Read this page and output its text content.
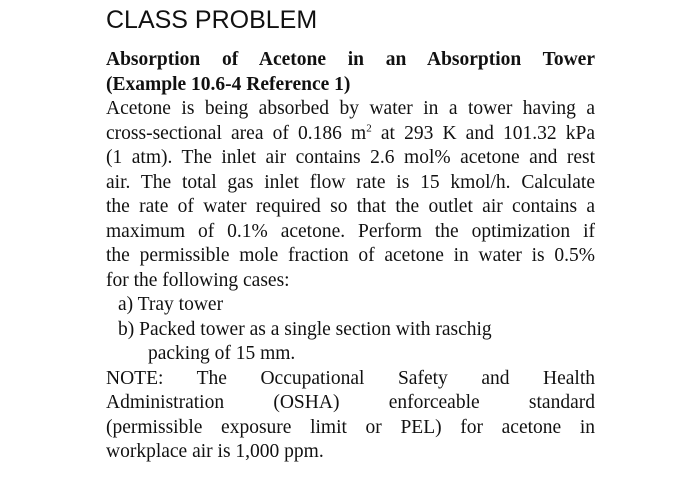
CLASS PROBLEM
Absorption of Acetone in an Absorption Tower
(Example 10.6-4 Reference 1)
Acetone is being absorbed by water in a tower having a
cross-sectional area of 0.186 $m^2$ at 293 K and 101.32 kPa
(1 atm). The inlet air contains 2.6 mol% acetone and rest
air. The total gas inlet flow rate is 15 kmol/h. Calculate
the rate of water required so that the outlet air contains a
maximum of 0.1% acetone. Perform the optimization if
the permissible mole fraction of acetone in water is 0.5%
for the following cases:
a) Tray tower
b) Packed tower as a single section with raschig
packing of 15 mm.
NOTE: The Occupational Safety and Health
Administration (OSHA) enforceable standard
(permissible exposure limit or PEL) for acetone in
workplace air is 1,000 ppm.
